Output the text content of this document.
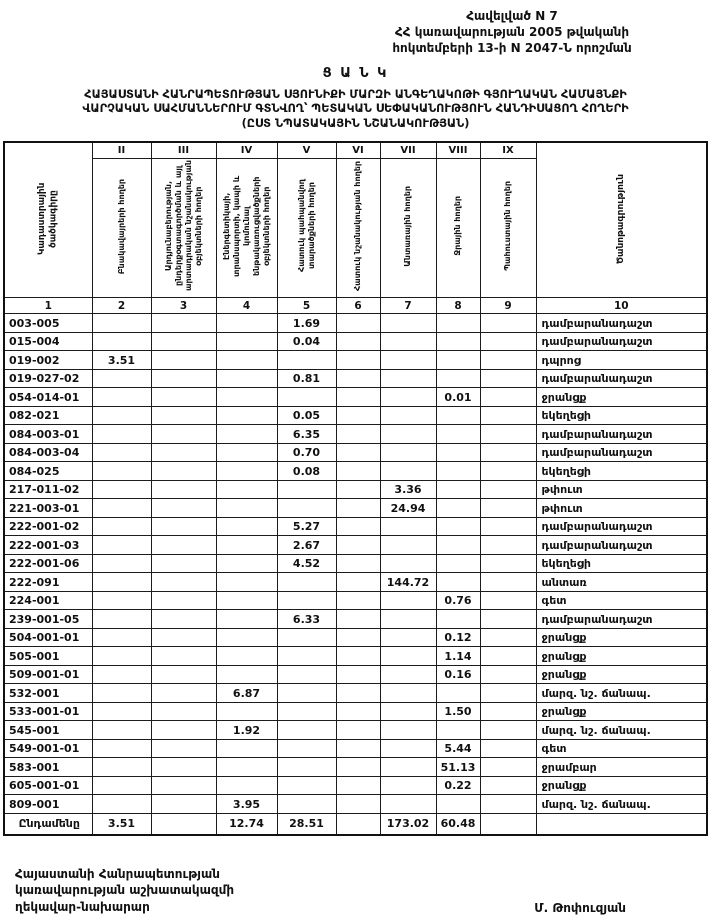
Հավելված N 7
ՀՀ կառավարության 2005 թվականի
հոկտեմբերի 13-ի N 2047-Ն որոշման
Ց Ա Ն Կ
ՀԱՅԱՍՏԱՆԻ ՀԱՆՐԱՊԵՏՈՒԹՅԱՆ ՍՅՈՒՆԻՔԻ ՄԱՐԶԻ ԱՆԳԵՂԱԿՈԹԻ ԳՅՈՒՂԱԿԱՆ ՀԱՄԱՅՆՔԻ
ՎԱՐՉԱԿԱՆ ՍԱՀՄԱՆՆԵՐՈՒՄ ԳՏՆՎՈՂ՝ ՊԵՏԱԿԱՆ ՍԵՓԱԿԱՆՈՒԹՅՈՒՆ ՀԱՆԴԻՍԱՑՈՂ ՀՈՂԵՐԻ
(ԸՍՏ ՆՊԱՏԱԿԱՅԻՆ ՆՇԱՆԱԿՈՒԹՅԱՆ)
Կադաստրային ծածկագիրը	II	III	IV	V	VI	VII	VIII	IX	Ծանոթագրություն
	Բնակավայրերի հողեր	Արդյունաբերության, ընդերքօգտագործման և այլ արտադրական նշանակության օբյեկտների հողեր	Էներգետիկայի, տրանսպորտի, կապի և կոմունալ ենթակառուցվածքների օբյեկտների հողեր	Հատուկ պահպանվող տարածքների հողեր	Հատուկ նշանակության հողեր	Անտառային հողեր	Ջրային հողեր	Պահուստային հողեր	
1	2	3	4	5	6	7	8	9	10
003-005				1.69					դամբարանադաշտ
015-004				0.04					դամբարանադաշտ
019-002	3.51								դպրոց
019-027-02				0.81					դամբարանադաշտ
054-014-01							0.01		ջրանցք
082-021				0.05					եկեղեցի
084-003-01				6.35					դամբարանադաշտ
084-003-04				0.70					դամբարանադաշտ
084-025				0.08					եկեղեցի
217-011-02						3.36			թփուտ
221-003-01						24.94			թփուտ
222-001-02				5.27					դամբարանադաշտ
222-001-03				2.67					դամբարանադաշտ
222-001-06				4.52					եկեղեցի
222-091						144.72			անտառ
224-001							0.76		գետ
239-001-05				6.33					դամբարանադաշտ
504-001-01							0.12		ջրանցք
505-001							1.14		ջրանցք
509-001-01							0.16		ջրանցք
532-001			6.87						մարզ. նշ. ճանապ.
533-001-01							1.50		ջրանցք
545-001			1.92						մարզ. նշ. ճանապ.
549-001-01							5.44		գետ
583-001							51.13		ջրամբար
605-001-01							0.22		ջրանցք
809-001			3.95						մարզ. նշ. ճանապ.
Ընդամենը	3.51		12.74	28.51		173.02	60.48		
Հայաստանի Հանրապետության
կառավարության աշխատակազմի
ղեկավար-նախարար	Մ. Թոփուզյան
